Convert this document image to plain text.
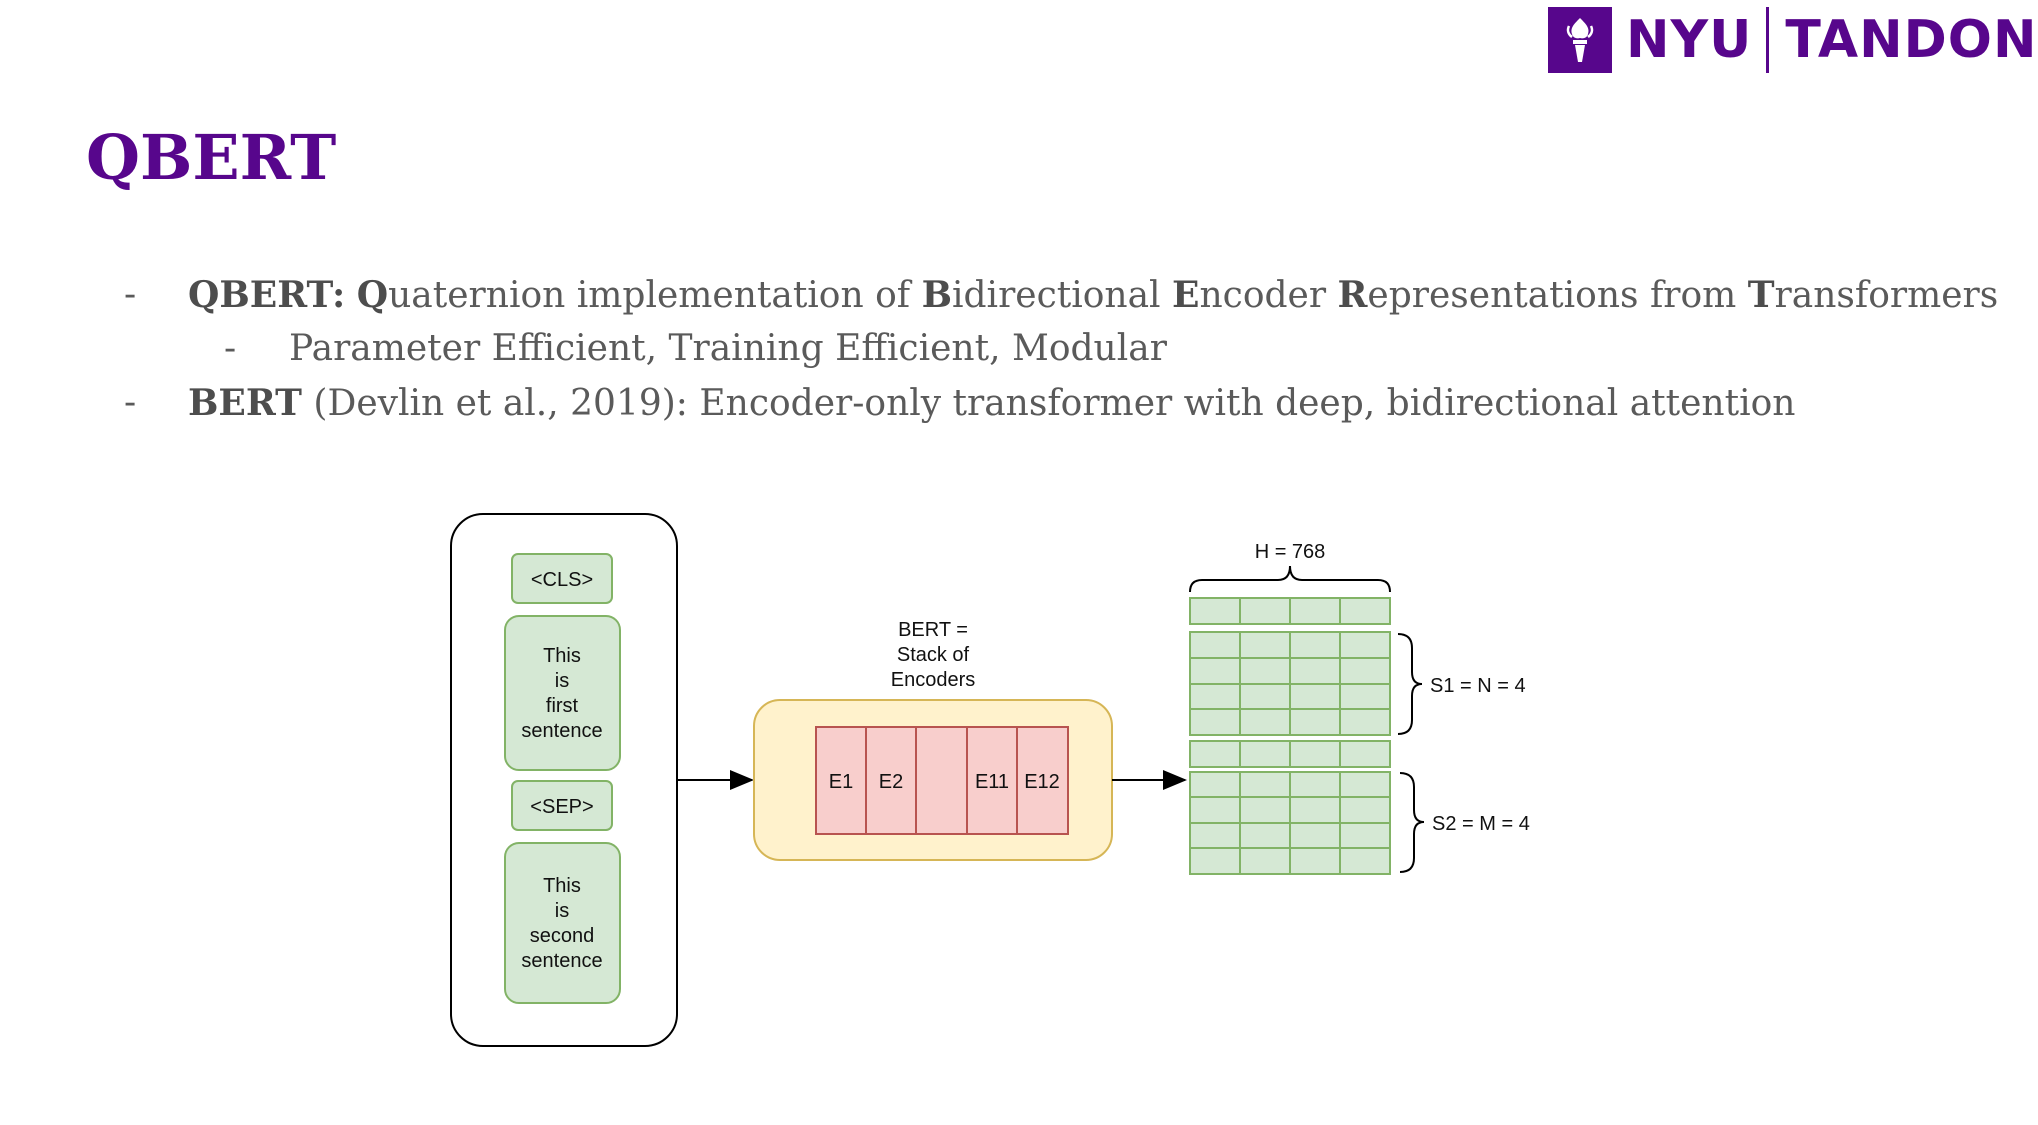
NYU TANDON
QBERT
- QBERT: Quaternion implementation of Bidirectional Encoder Representations from Transformers
- Parameter Efficient, Training Efficient, Modular
- BERT (Devlin et al., 2019): Encoder-only transformer with deep, bidirectional attention
<CLS>
This
is
first
sentence
<SEP>
This
is
second
sentence
BERT =
Stack of
Encoders
E1 E2	E11 E12
H = 768
S1 = N = 4
S2 = M = 4
